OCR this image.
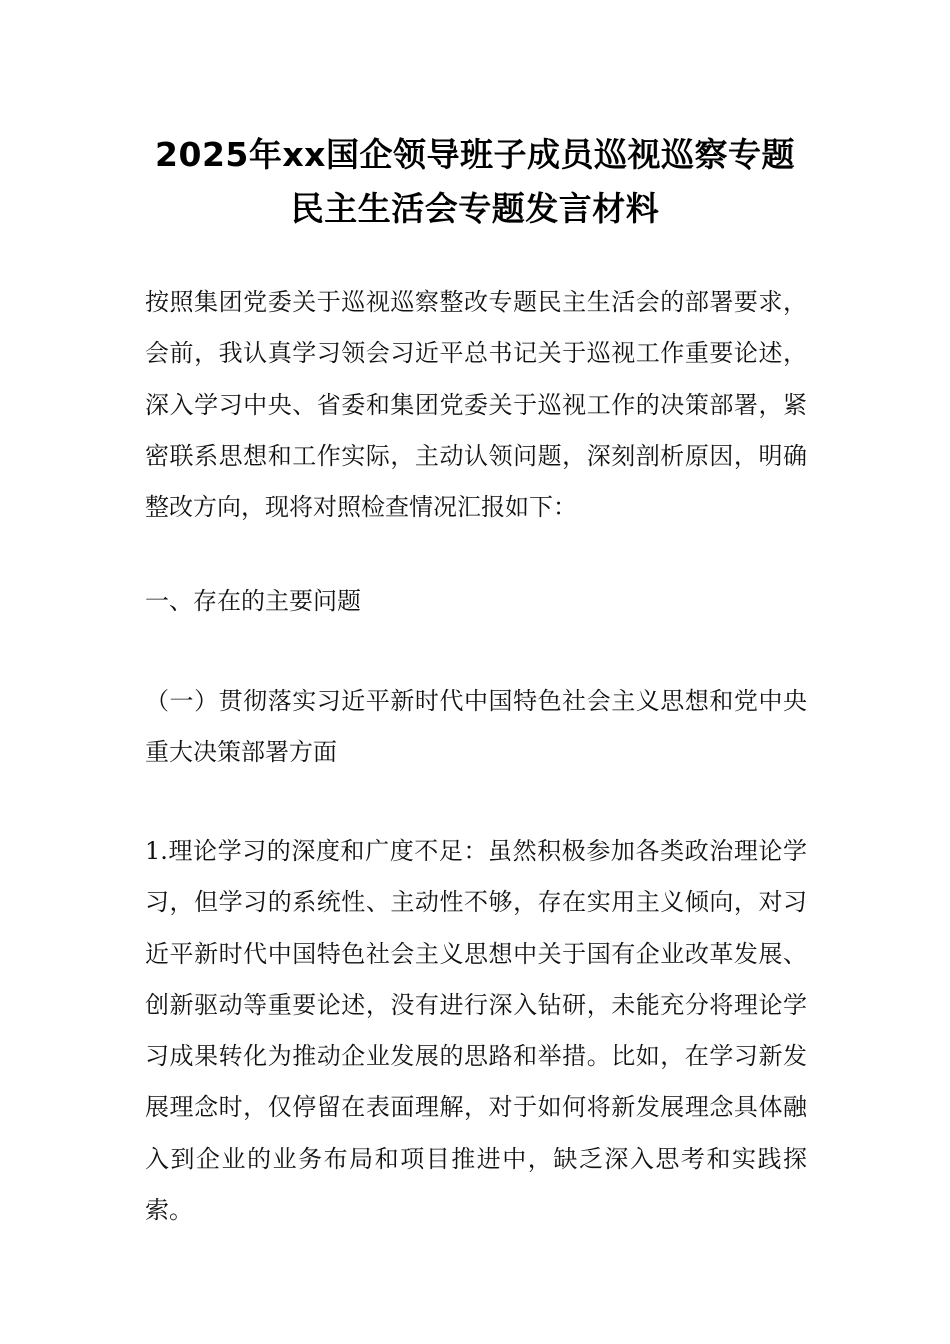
2025年xx国企领导班子成员巡视巡察专题
民主生活会专题发言材料
按照集团党委关于巡视巡察整改专题民主生活会的部署要求，会前，我认真学习领会习近平总书记关于巡视工作重要论述，深入学习中央、省委和集团党委关于巡视工作的决策部署，紧密联系思想和工作实际，主动认领问题，深刻剖析原因，明确整改方向，现将对照检查情况汇报如下：
一、存在的主要问题
（一）贯彻落实习近平新时代中国特色社会主义思想和党中央重大决策部署方面
1.理论学习的深度和广度不足：虽然积极参加各类政治理论学习，但学习的系统性、主动性不够，存在实用主义倾向，对习近平新时代中国特色社会主义思想中关于国有企业改革发展、创新驱动等重要论述，没有进行深入钻研，未能充分将理论学习成果转化为推动企业发展的思路和举措。比如，在学习新发展理念时，仅停留在表面理解，对于如何将新发展理念具体融入到企业的业务布局和项目推进中，缺乏深入思考和实践探索。
